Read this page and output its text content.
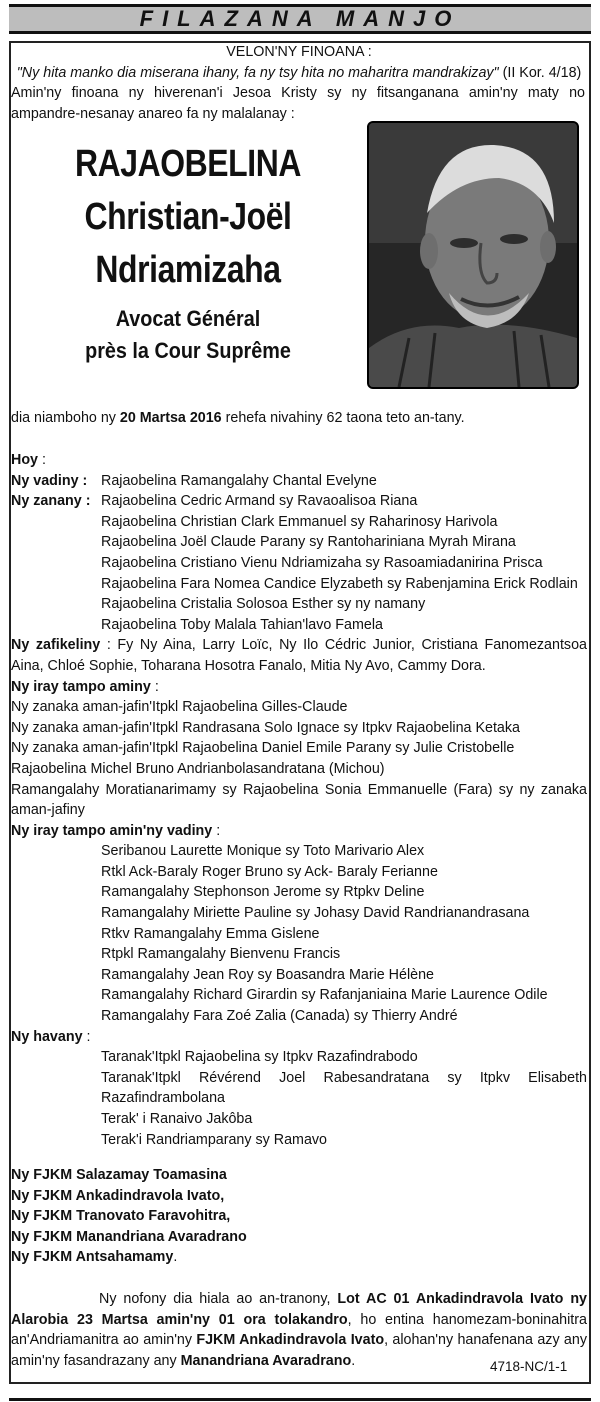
FILAZANA MANJO
VELON'NY FINOANA :
"Ny hita manko dia miserana ihany, fa ny tsy hita no maharitra mandrakizay" (II Kor. 4/18)
Amin'ny finoana ny hiverenan'i Jesoa Kristy sy ny fitsanganana amin'ny maty no ampandre-nesanay anareo fa ny malalanay :
RAJAOBELINA
Christian-Joël
Ndriamizaha
Avocat Général
près la Cour Suprême
dia niamboho ny 20 Martsa 2016 rehefa nivahiny 62 taona teto an-tany.
Hoy :
Ny vadiny : Rajaobelina Ramangalahy Chantal Evelyne
Ny zanany : Rajaobelina Cedric Armand sy Ravaoalisoa Riana
Rajaobelina Christian Clark Emmanuel sy Raharinosy Harivola
Rajaobelina Joël Claude Parany sy Rantohariniana Myrah Mirana
Rajaobelina Cristiano Vienu Ndriamizaha sy Rasoamiadanirina Prisca
Rajaobelina Fara Nomea Candice Elyzabeth sy Rabenjamina Erick Rodlain
Rajaobelina Cristalia Solosoa Esther sy ny namany
Rajaobelina Toby Malala Tahian'lavo Famela
Ny zafikeliny : Fy Ny Aina, Larry Loïc, Ny Ilo Cédric Junior, Cristiana Fanomezantsoa Aina, Chloé Sophie, Toharana Hosotra Fanalo, Mitia Ny Avo, Cammy Dora.
Ny iray tampo aminy :
Ny zanaka aman-jafin'Itpkl Rajaobelina Gilles-Claude
Ny zanaka aman-jafin'Itpkl Randrasana Solo Ignace sy Itpkv Rajaobelina Ketaka
Ny zanaka aman-jafin'Itpkl Rajaobelina Daniel Emile Parany sy Julie Cristobelle
Rajaobelina Michel Bruno Andrianbolasandratana (Michou)
Ramangalahy Moratianarimamy sy Rajaobelina Sonia Emmanuelle (Fara) sy ny zanaka aman-jafiny
Ny iray tampo amin'ny vadiny :
Seribanou Laurette Monique sy Toto Marivario Alex
Rtkl Ack-Baraly Roger Bruno sy Ack- Baraly Ferianne
Ramangalahy Stephonson Jerome sy Rtpkv Deline
Ramangalahy Miriette Pauline sy Johasy David Randrianandrasana
Rtkv Ramangalahy Emma Gislene
Rtpkl Ramangalahy Bienvenu Francis
Ramangalahy Jean Roy sy Boasandra Marie Hélène
Ramangalahy Richard Girardin sy Rafanjaniaina Marie Laurence Odile
Ramangalahy Fara Zoé Zalia (Canada) sy Thierry André
Ny havany :
Taranak'Itpkl Rajaobelina sy Itpkv Razafindrabodo
Taranak'Itpkl Révérend Joel Rabesandratana sy Itpkv Elisabeth Razafindrambolana
Terak' i Ranaivo Jakôba
Terak'i Randriamparany sy Ramavo
Ny FJKM Salazamay Toamasina
Ny FJKM Ankadindravola Ivato,
Ny FJKM Tranovato Faravohitra,
Ny FJKM Manandriana Avaradrano
Ny FJKM Antsahamamy.
Ny nofony dia hiala ao an-tranony, Lot AC 01 Ankadindravola Ivato ny Alarobia 23 Martsa amin'ny 01 ora tolakandro, ho entina hanomezam-boninahitra an'Andriamanitra ao amin'ny FJKM Ankadindravola Ivato, alohan'ny hanafenana azy any amin'ny fasandrazany any Manandriana Avaradrano.	4718-NC/1-1
